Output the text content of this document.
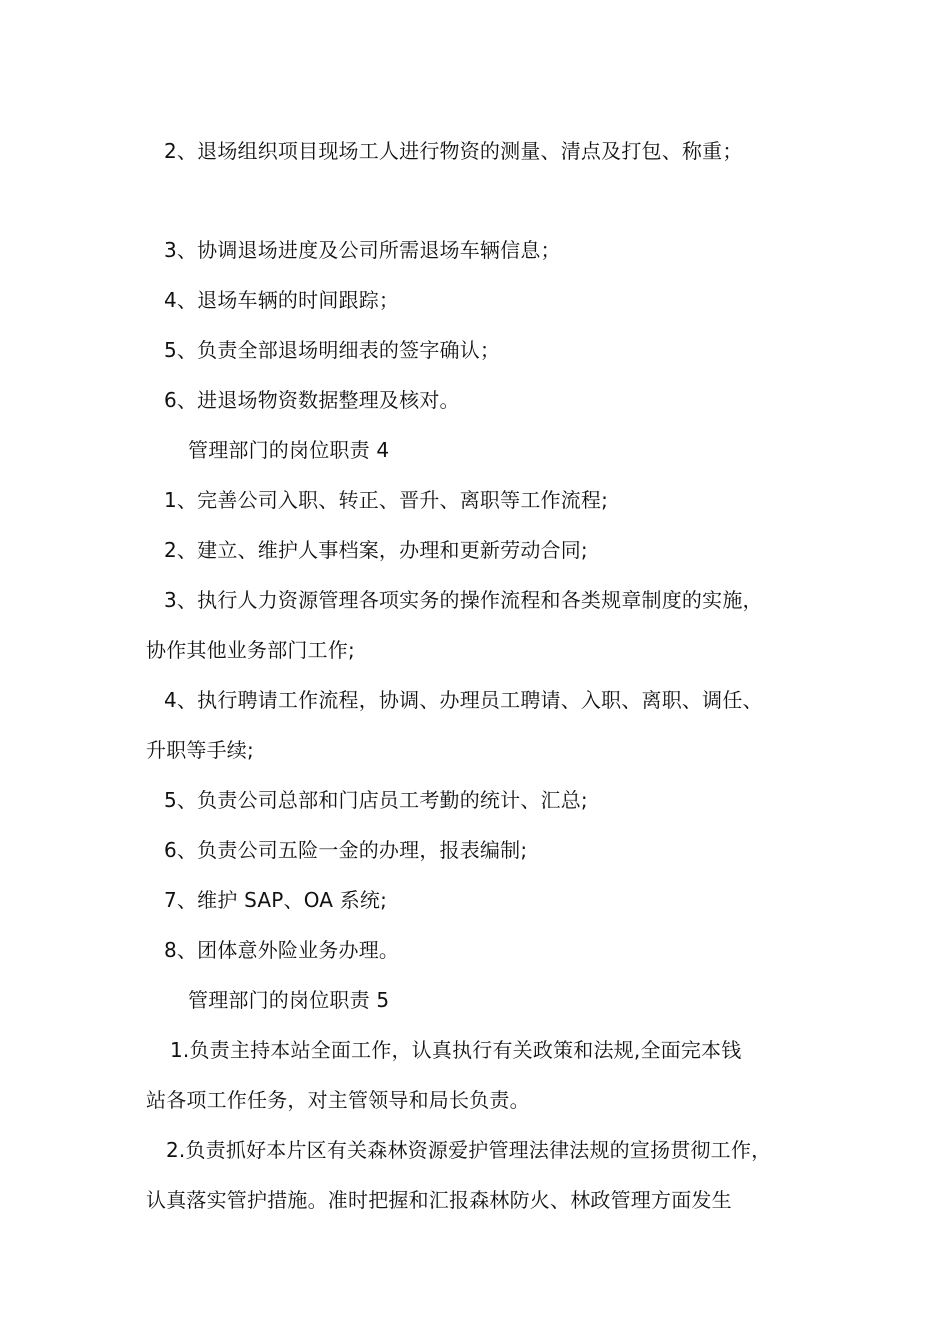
2、退场组织项目现场工人进行物资的测量、清点及打包、称重；
3、协调退场进度及公司所需退场车辆信息；
4、退场车辆的时间跟踪；
5、负责全部退场明细表的签字确认；
6、进退场物资数据整理及核对。
管理部门的岗位职责 4
1、完善公司入职、转正、晋升、离职等工作流程;
2、建立、维护人事档案，办理和更新劳动合同;
3、执行人力资源管理各项实务的操作流程和各类规章制度的实施，
协作其他业务部门工作;
4、执行聘请工作流程，协调、办理员工聘请、入职、离职、调任、
升职等手续;
5、负责公司总部和门店员工考勤的统计、汇总;
6、负责公司五险一金的办理，报表编制;
7、维护 SAP、OA 系统;
8、团体意外险业务办理。
管理部门的岗位职责 5
1.负责主持本站全面工作，认真执行有关政策和法规,全面完本钱
站各项工作任务，对主管领导和局长负责。
2.负责抓好本片区有关森林资源爱护管理法律法规的宣扬贯彻工作，
认真落实管护措施。准时把握和汇报森林防火、林政管理方面发生
